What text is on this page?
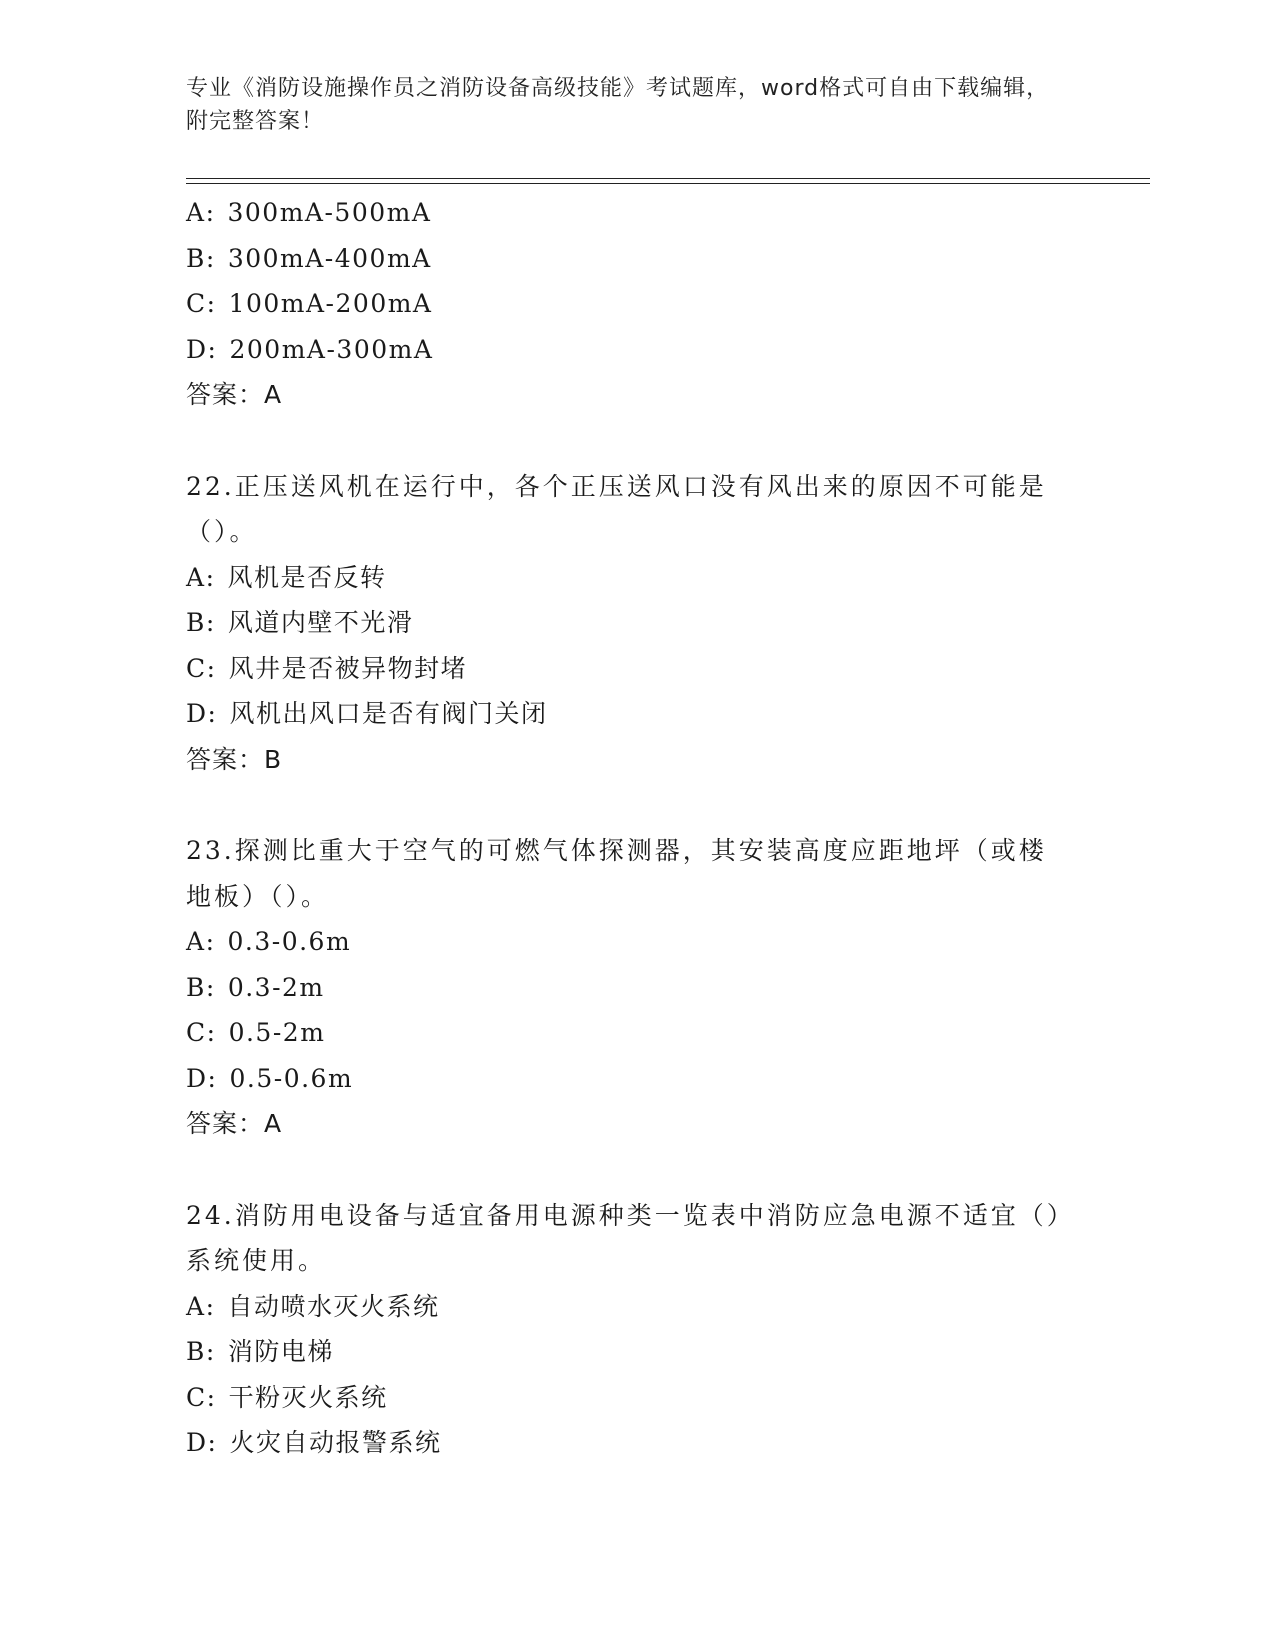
专业《消防设施操作员之消防设备高级技能》考试题库，word格式可自由下载编辑，附完整答案！
A: 300mA-500mA
B: 300mA-400mA
C: 100mA-200mA
D: 200mA-300mA
答案：A
22.正压送风机在运行中，各个正压送风口没有风出来的原因不可能是（）。
A: 风机是否反转
B: 风道内壁不光滑
C: 风井是否被异物封堵
D: 风机出风口是否有阀门关闭
答案：B
23.探测比重大于空气的可燃气体探测器，其安装高度应距地坪（或楼地板）（）。
A: 0.3-0.6m
B: 0.3-2m
C: 0.5-2m
D: 0.5-0.6m
答案：A
24.消防用电设备与适宜备用电源种类一览表中消防应急电源不适宜（）系统使用。
A: 自动喷水灭火系统
B: 消防电梯
C: 干粉灭火系统
D: 火灾自动报警系统
